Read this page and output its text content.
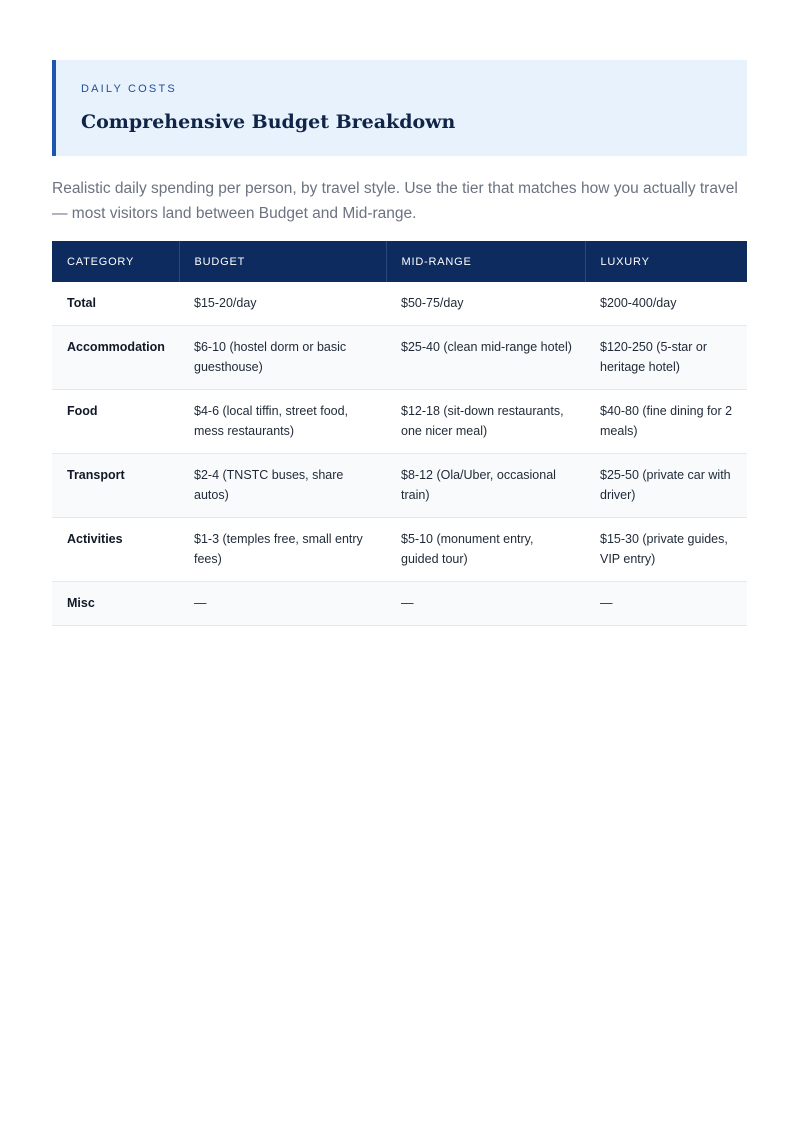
DAILY COSTS
Comprehensive Budget Breakdown
Realistic daily spending per person, by travel style. Use the tier that matches how you actually travel — most visitors land between Budget and Mid-range.
CATEGORY	BUDGET	MID-RANGE	LUXURY
Total	$15-20/day	$50-75/day	$200-400/day
Accommodation	$6-10 (hostel dorm or basic guesthouse)	$25-40 (clean mid-range hotel)	$120-250 (5-star or heritage hotel)
Food	$4-6 (local tiffin, street food, mess restaurants)	$12-18 (sit-down restaurants, one nicer meal)	$40-80 (fine dining for 2 meals)
Transport	$2-4 (TNSTC buses, share autos)	$8-12 (Ola/Uber, occasional train)	$25-50 (private car with driver)
Activities	$1-3 (temples free, small entry fees)	$5-10 (monument entry, guided tour)	$15-30 (private guides, VIP entry)
Misc	—	—	—
